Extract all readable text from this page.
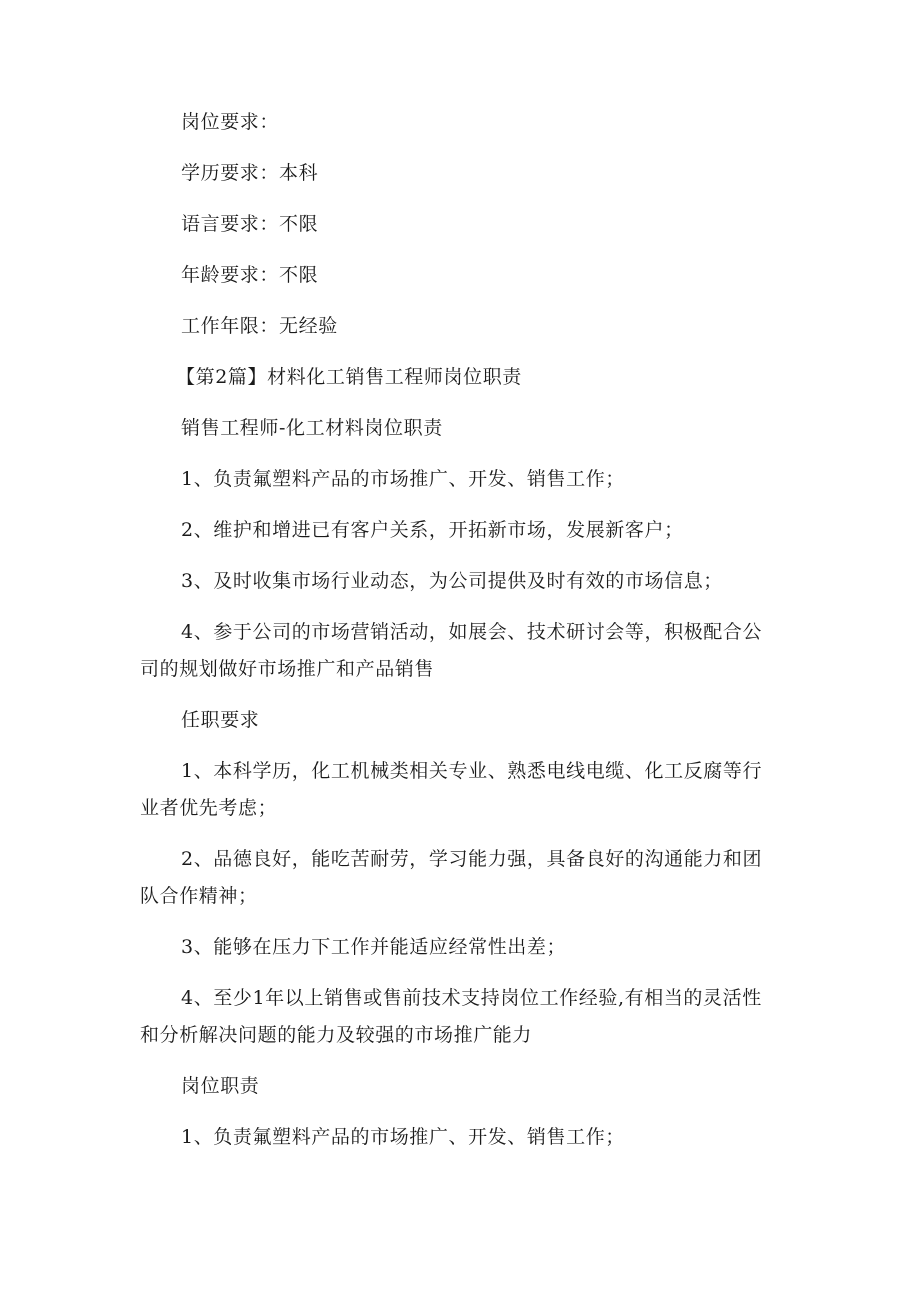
岗位要求：
学历要求：本科
语言要求：不限
年龄要求：不限
工作年限：无经验
【第2篇】材料化工销售工程师岗位职责
销售工程师-化工材料岗位职责
1、负责氟塑料产品的市场推广、开发、销售工作；
2、维护和增进已有客户关系，开拓新市场，发展新客户；
3、及时收集市场行业动态，为公司提供及时有效的市场信息；
4、参于公司的市场营销活动，如展会、技术研讨会等，积极配合公
司的规划做好市场推广和产品销售
任职要求
1、本科学历，化工机械类相关专业、熟悉电线电缆、化工反腐等行
业者优先考虑；
2、品德良好，能吃苦耐劳，学习能力强，具备良好的沟通能力和团
队合作精神；
3、能够在压力下工作并能适应经常性出差；
4、至少1年以上销售或售前技术支持岗位工作经验,有相当的灵活性
和分析解决问题的能力及较强的市场推广能力
岗位职责
1、负责氟塑料产品的市场推广、开发、销售工作；
